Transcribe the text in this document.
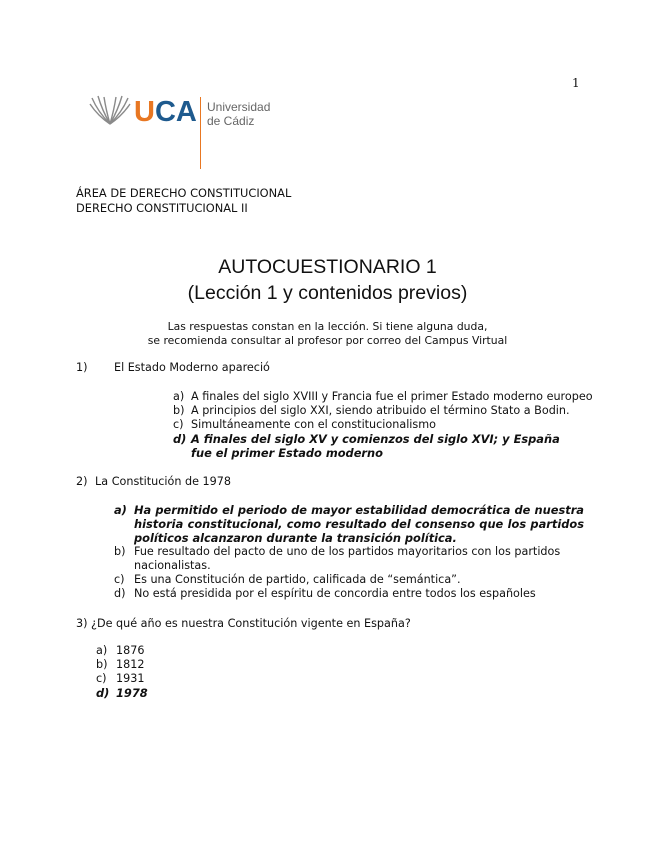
1
UCA Universidad
de Cádiz
ÁREA DE DERECHO CONSTITUCIONAL
DERECHO CONSTITUCIONAL II
AUTOCUESTIONARIO 1
(Lección 1 y contenidos previos)
Las respuestas constan en la lección. Si tiene alguna duda,
se recomienda consultar al profesor por correo del Campus Virtual
1) El Estado Moderno apareció
a) A finales del siglo XVIII y Francia fue el primer Estado moderno europeo
b) A principios del siglo XXI, siendo atribuido el término Stato a Bodin.
c) Simultáneamente con el constitucionalismo
d) A finales del siglo XV y comienzos del siglo XVI; y España fue el primer Estado moderno
2) La Constitución de 1978
a) Ha permitido el periodo de mayor estabilidad democrática de nuestra historia constitucional, como resultado del consenso que los partidos políticos alcanzaron durante la transición política.
b) Fue resultado del pacto de uno de los partidos mayoritarios con los partidos nacionalistas.
c) Es una Constitución de partido, calificada de “semántica”.
d) No está presidida por el espíritu de concordia entre todos los españoles
3) ¿De qué año es nuestra Constitución vigente en España?
a) 1876
b) 1812
c) 1931
d) 1978
